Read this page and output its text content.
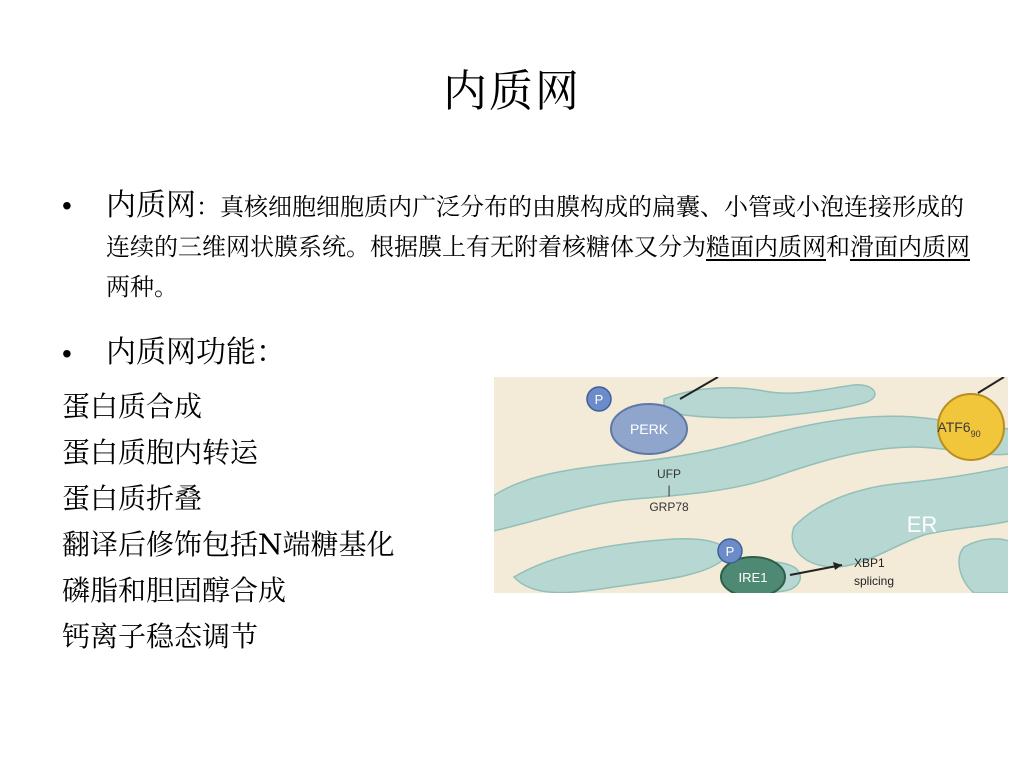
内质网
• 内质网：真核细胞细胞质内广泛分布的由膜构成的扁囊、小管或小泡连接形成的连续的三维网状膜系统。根据膜上有无附着核糖体又分为糙面内质网和滑面内质网两种。
• 内质网功能：
蛋白质合成
蛋白质胞内转运
蛋白质折叠
翻译后修饰包括N端糖基化
磷脂和胆固醇合成
钙离子稳态调节
PERK
P
UFP
|
GRP78
ER
IRE1
P
XBP1
splicing
$ATF6_{90}$
